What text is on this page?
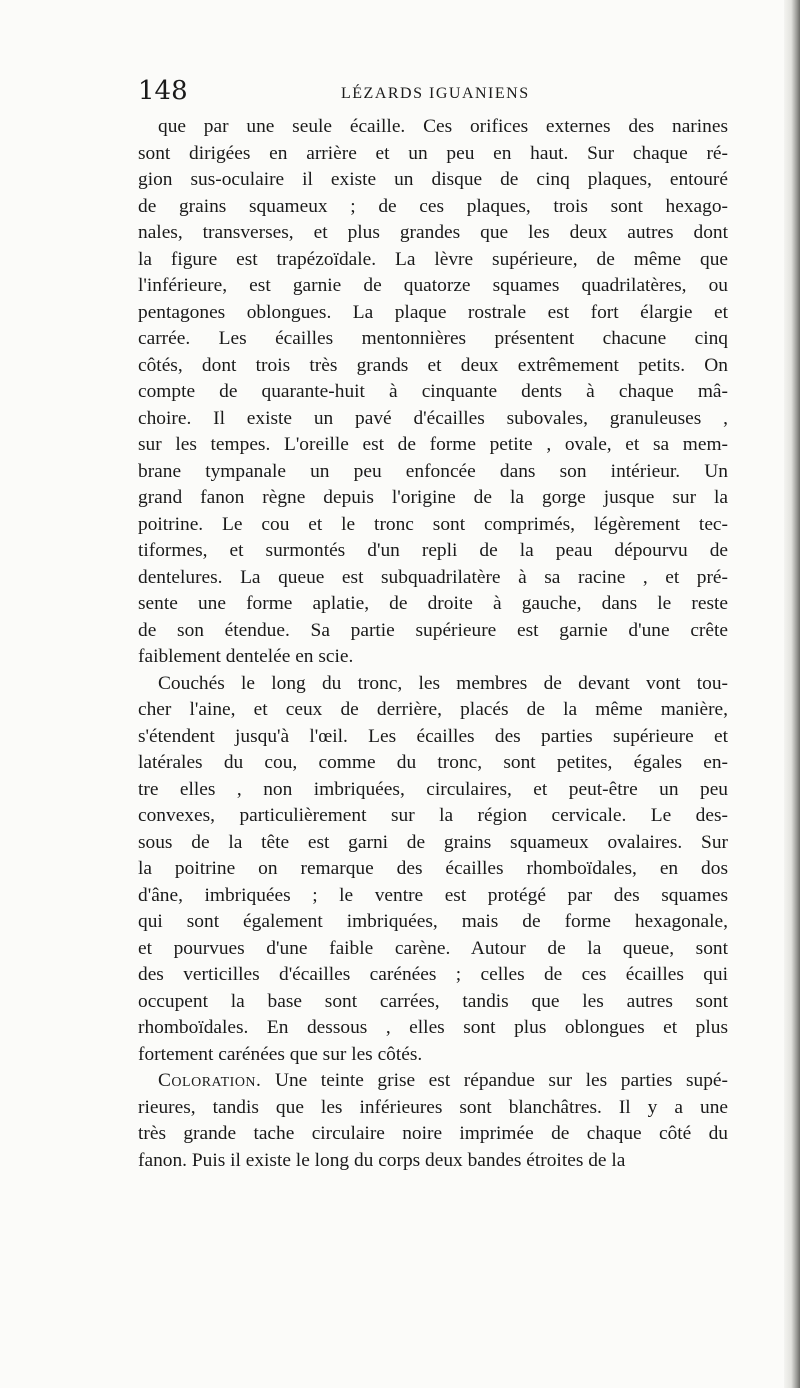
148	LÉZARDS IGUANIENS
que par une seule écaille. Ces orifices externes des narines
sont dirigées en arrière et un peu en haut. Sur chaque ré-
gion sus-oculaire il existe un disque de cinq plaques, entouré
de grains squameux ; de ces plaques, trois sont hexago-
nales, transverses, et plus grandes que les deux autres dont
la figure est trapézoïdale. La lèvre supérieure, de même que
l'inférieure, est garnie de quatorze squames quadrilatères, ou
pentagones oblongues. La plaque rostrale est fort élargie et
carrée. Les écailles mentonnières présentent chacune cinq
côtés, dont trois très grands et deux extrêmement petits. On
compte de quarante-huit à cinquante dents à chaque mâ-
choire. Il existe un pavé d'écailles subovales, granuleuses ,
sur les tempes. L'oreille est de forme petite , ovale, et sa mem-
brane tympanale un peu enfoncée dans son intérieur. Un
grand fanon règne depuis l'origine de la gorge jusque sur la
poitrine. Le cou et le tronc sont comprimés, légèrement tec-
tiformes, et surmontés d'un repli de la peau dépourvu de
dentelures. La queue est subquadrilatère à sa racine , et pré-
sente une forme aplatie, de droite à gauche, dans le reste
de son étendue. Sa partie supérieure est garnie d'une crête
faiblement dentelée en scie.
Couchés le long du tronc, les membres de devant vont tou-
cher l'aine, et ceux de derrière, placés de la même manière,
s'étendent jusqu'à l'œil. Les écailles des parties supérieure et
latérales du cou, comme du tronc, sont petites, égales en-
tre elles , non imbriquées, circulaires, et peut-être un peu
convexes, particulièrement sur la région cervicale. Le des-
sous de la tête est garni de grains squameux ovalaires. Sur
la poitrine on remarque des écailles rhomboïdales, en dos
d'âne, imbriquées ; le ventre est protégé par des squames
qui sont également imbriquées, mais de forme hexagonale,
et pourvues d'une faible carène. Autour de la queue, sont
des verticilles d'écailles carénées ; celles de ces écailles qui
occupent la base sont carrées, tandis que les autres sont
rhomboïdales. En dessous , elles sont plus oblongues et plus
fortement carénées que sur les côtés.
Coloration. Une teinte grise est répandue sur les parties supé-
rieures, tandis que les inférieures sont blanchâtres. Il y a une
très grande tache circulaire noire imprimée de chaque côté du
fanon. Puis il existe le long du corps deux bandes étroites de la
